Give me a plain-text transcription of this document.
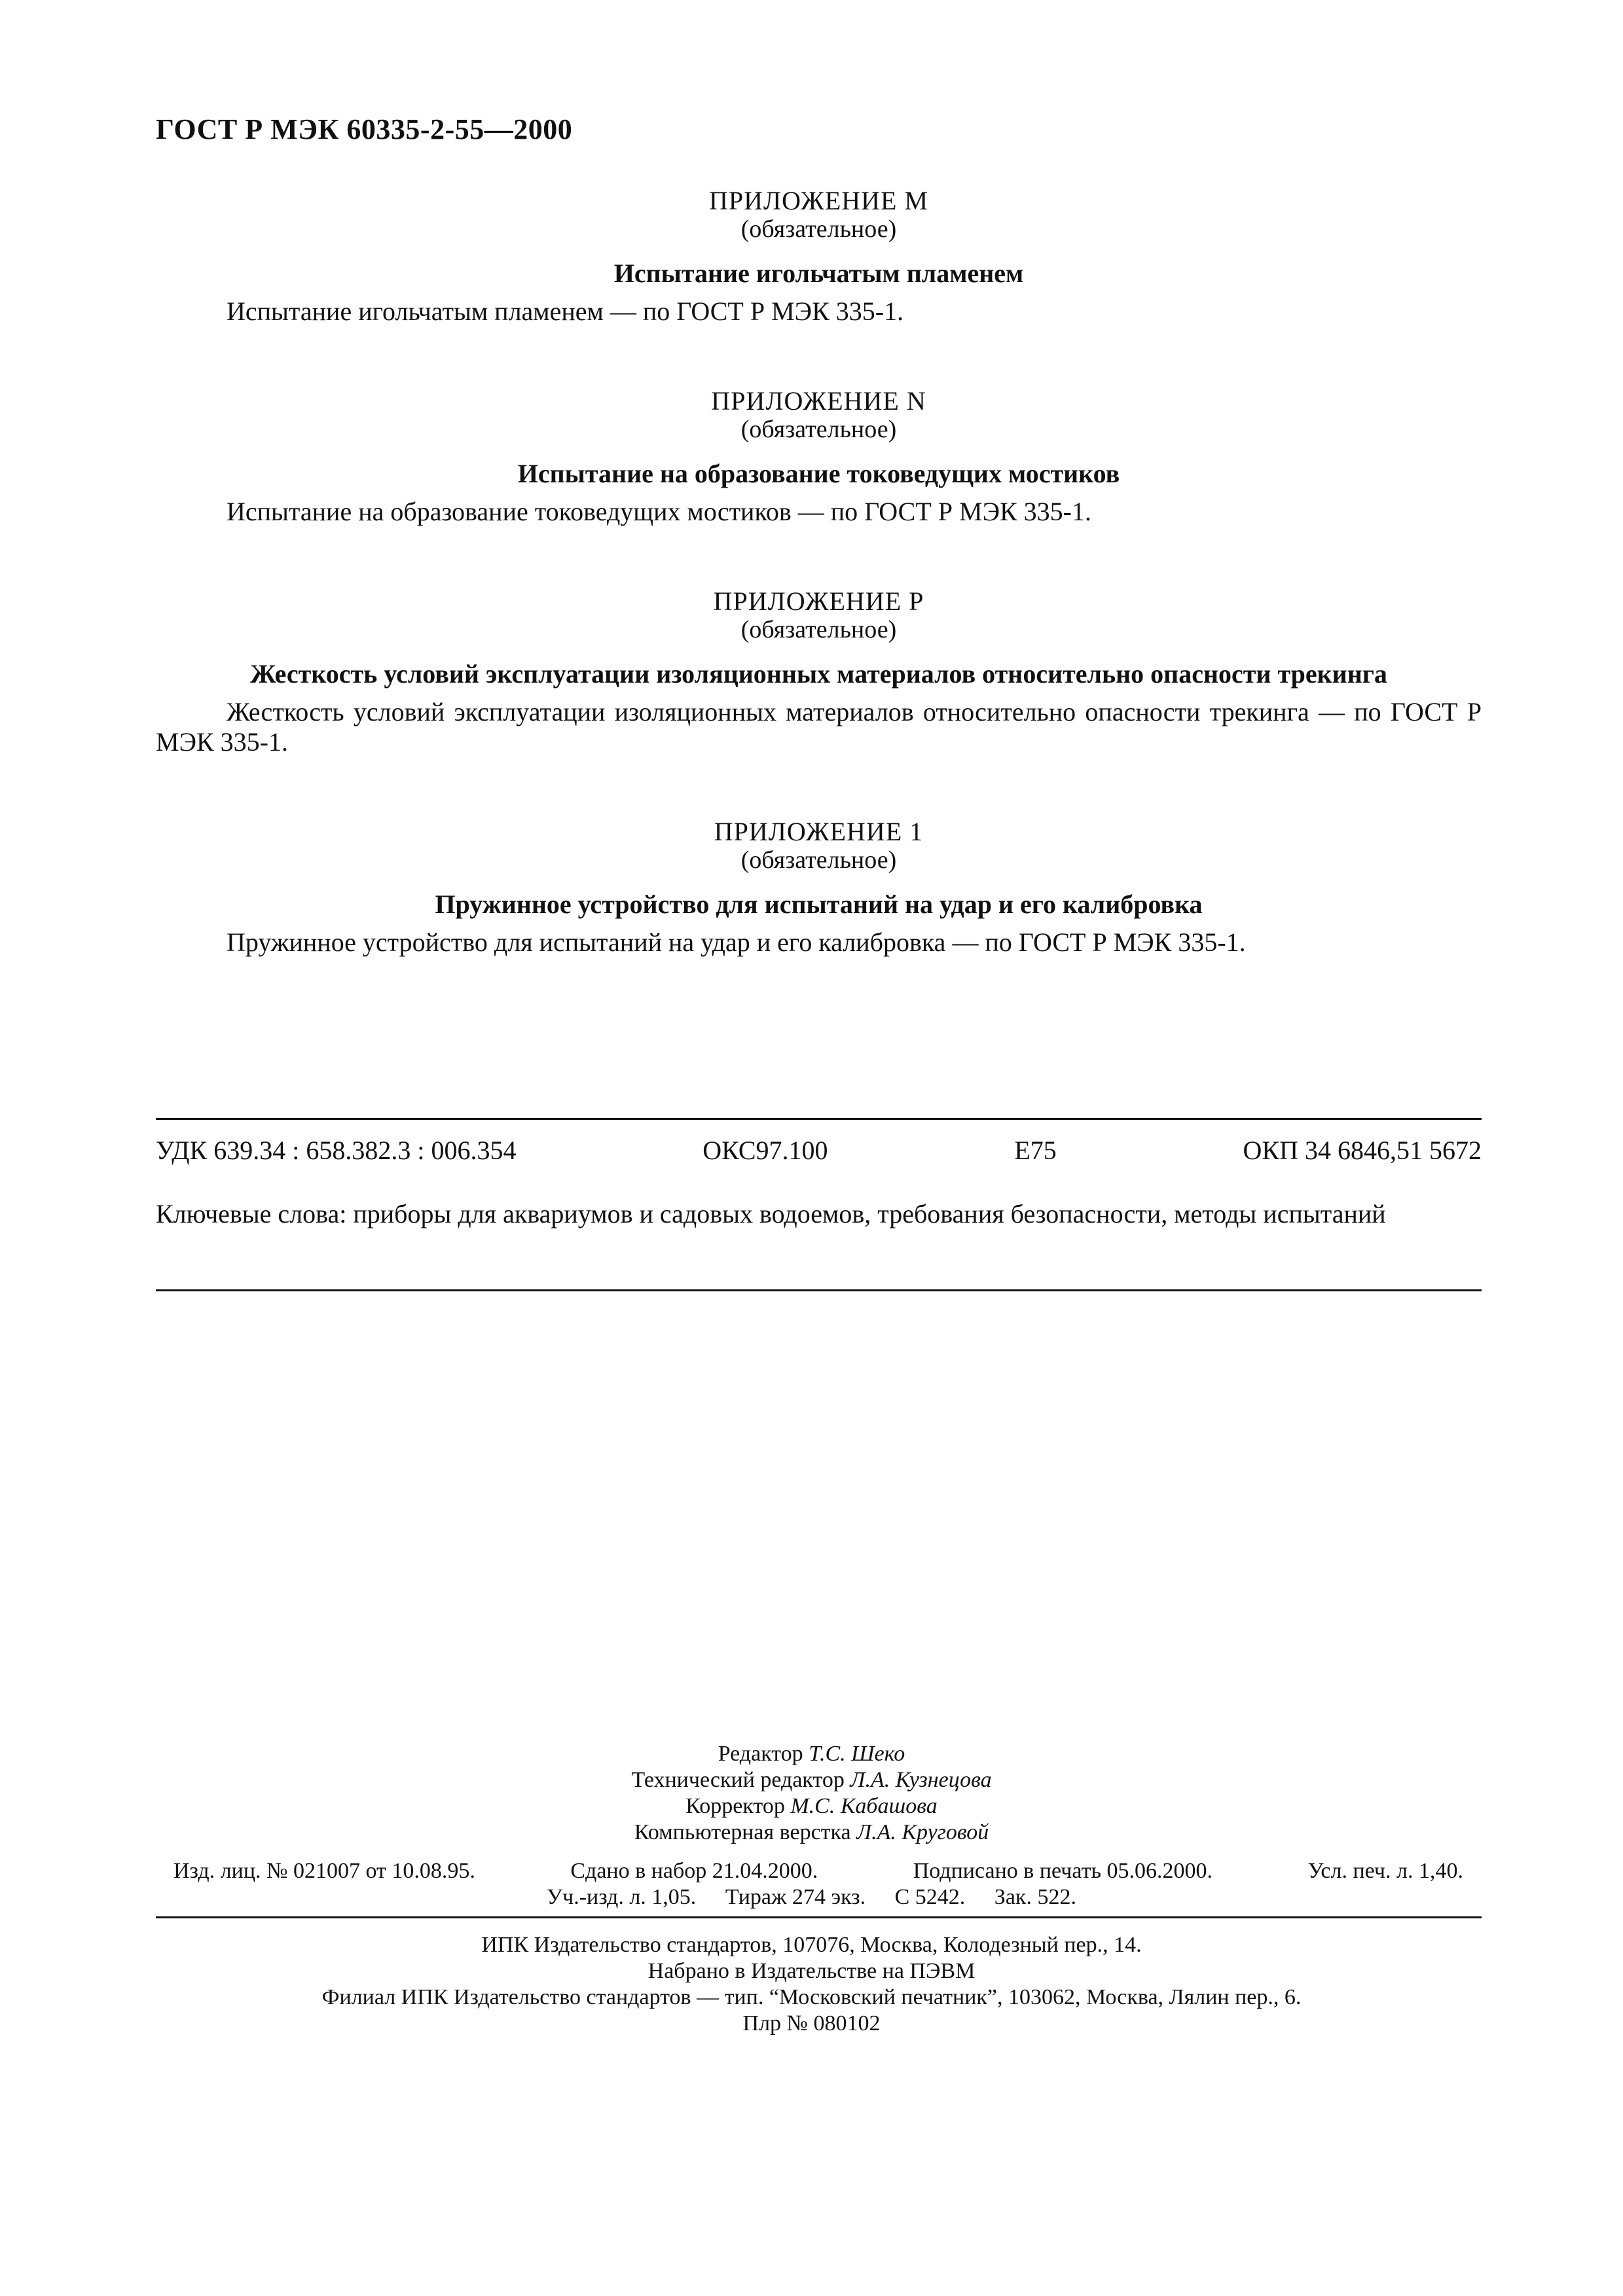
ГОСТ Р МЭК 60335-2-55—2000
ПРИЛОЖЕНИЕ М
(обязательное)
Испытание игольчатым пламенем
Испытание игольчатым пламенем — по ГОСТ Р МЭК 335-1.
ПРИЛОЖЕНИЕ N
(обязательное)
Испытание на образование токоведущих мостиков
Испытание на образование токоведущих мостиков — по ГОСТ Р МЭК 335-1.
ПРИЛОЖЕНИЕ Р
(обязательное)
Жесткость условий эксплуатации изоляционных материалов относительно опасности трекинга
Жесткость условий эксплуатации изоляционных материалов относительно опасности трекинга — по ГОСТ Р МЭК 335-1.
ПРИЛОЖЕНИЕ 1
(обязательное)
Пружинное устройство для испытаний на удар и его калибровка
Пружинное устройство для испытаний на удар и его калибровка — по ГОСТ Р МЭК 335-1.
УДК 639.34 : 658.382.3 : 006.354	ОКС97.100	Е75	ОКП 34 6846,51 5672
Ключевые слова: приборы для аквариумов и садовых водоемов, требования безопасности, методы испытаний
Редактор Т.С. Шеко
Технический редактор Л.А. Кузнецова
Корректор М.С. Кабашова
Компьютерная верстка Л.А. Круговой
Изд. лиц. № 021007 от 10.08.95.	Сдано в набор 21.04.2000.	Подписано в печать 05.06.2000.	Усл. печ. л. 1,40.
Уч.-изд. л. 1,05. Тираж 274 экз. С 5242. Зак. 522.
ИПК Издательство стандартов, 107076, Москва, Колодезный пер., 14.
Набрано в Издательстве на ПЭВМ
Филиал ИПК Издательство стандартов — тип. “Московский печатник”, 103062, Москва, Лялин пер., 6.
Плр № 080102
